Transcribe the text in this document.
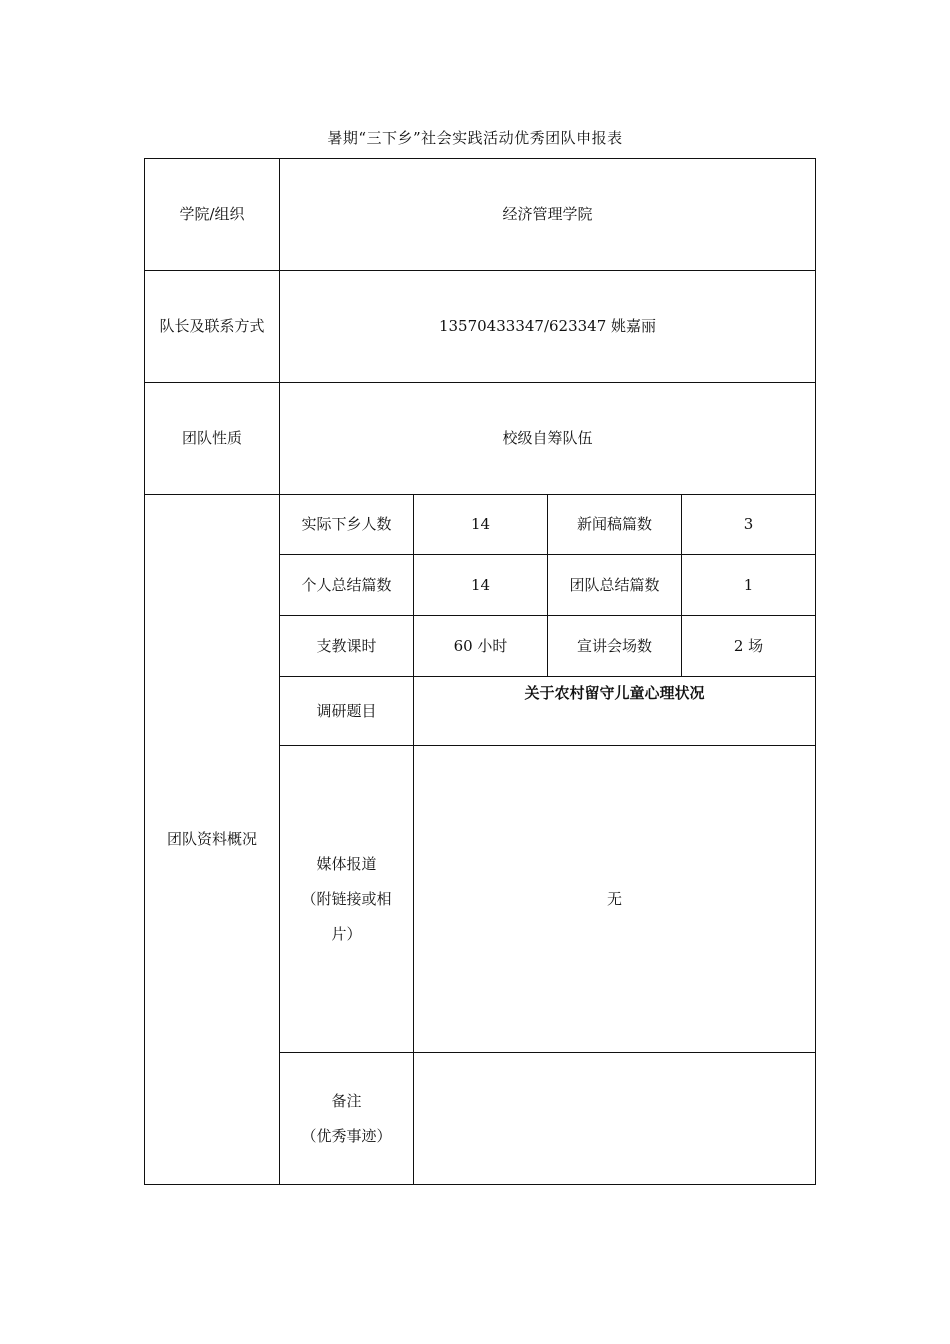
暑期“三下乡”社会实践活动优秀团队申报表
学院/组织	经济管理学院			
队长及联系方式	13570433347/623347 姚嘉丽			
团队性质	校级自筹队伍			
团队资料概况	实际下乡人数	14	新闻稿篇数	3
	个人总结篇数	14	团队总结篇数	1
	支教课时	60 小时	宣讲会场数	2 场
	调研题目	关于农村留守儿童心理状况		

	媒体报道
（附链接或相
片）	无		

	备注
（优秀事迹）			
